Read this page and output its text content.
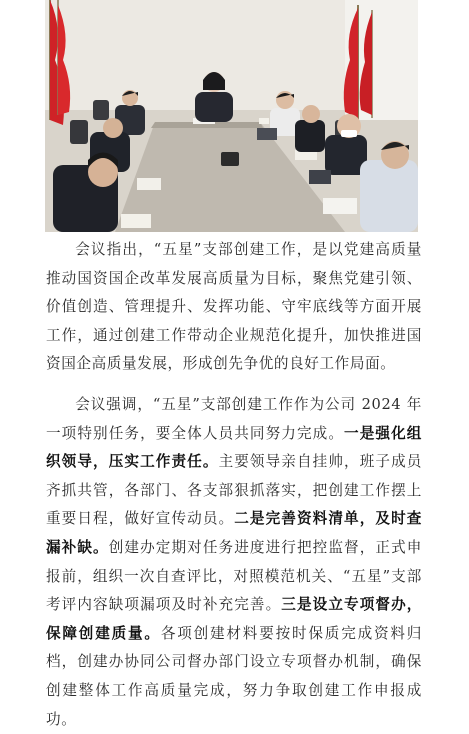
会议指出，“五星”支部创建工作，是以党建高质量推动国资国企改革发展高质量为目标，聚焦党建引领、价值创造、管理提升、发挥功能、守牢底线等方面开展工作，通过创建工作带动企业规范化提升，加快推进国资国企高质量发展，形成创先争优的良好工作局面。

会议强调，“五星”支部创建工作作为公司 2024 年一项特别任务，要全体人员共同努力完成。一是强化组织领导，压实工作责任。主要领导亲自挂帅，班子成员齐抓共管，各部门、各支部狠抓落实，把创建工作摆上重要日程，做好宣传动员。二是完善资料清单，及时查漏补缺。创建办定期对任务进度进行把控监督，正式申报前，组织一次自查评比，对照模范机关、“五星”支部考评内容缺项漏项及时补充完善。三是设立专项督办，保障创建质量。各项创建材料要按时保质完成资料归档，创建办协同公司督办部门设立专项督办机制，确保创建整体工作高质量完成，努力争取创建工作申报成功。
